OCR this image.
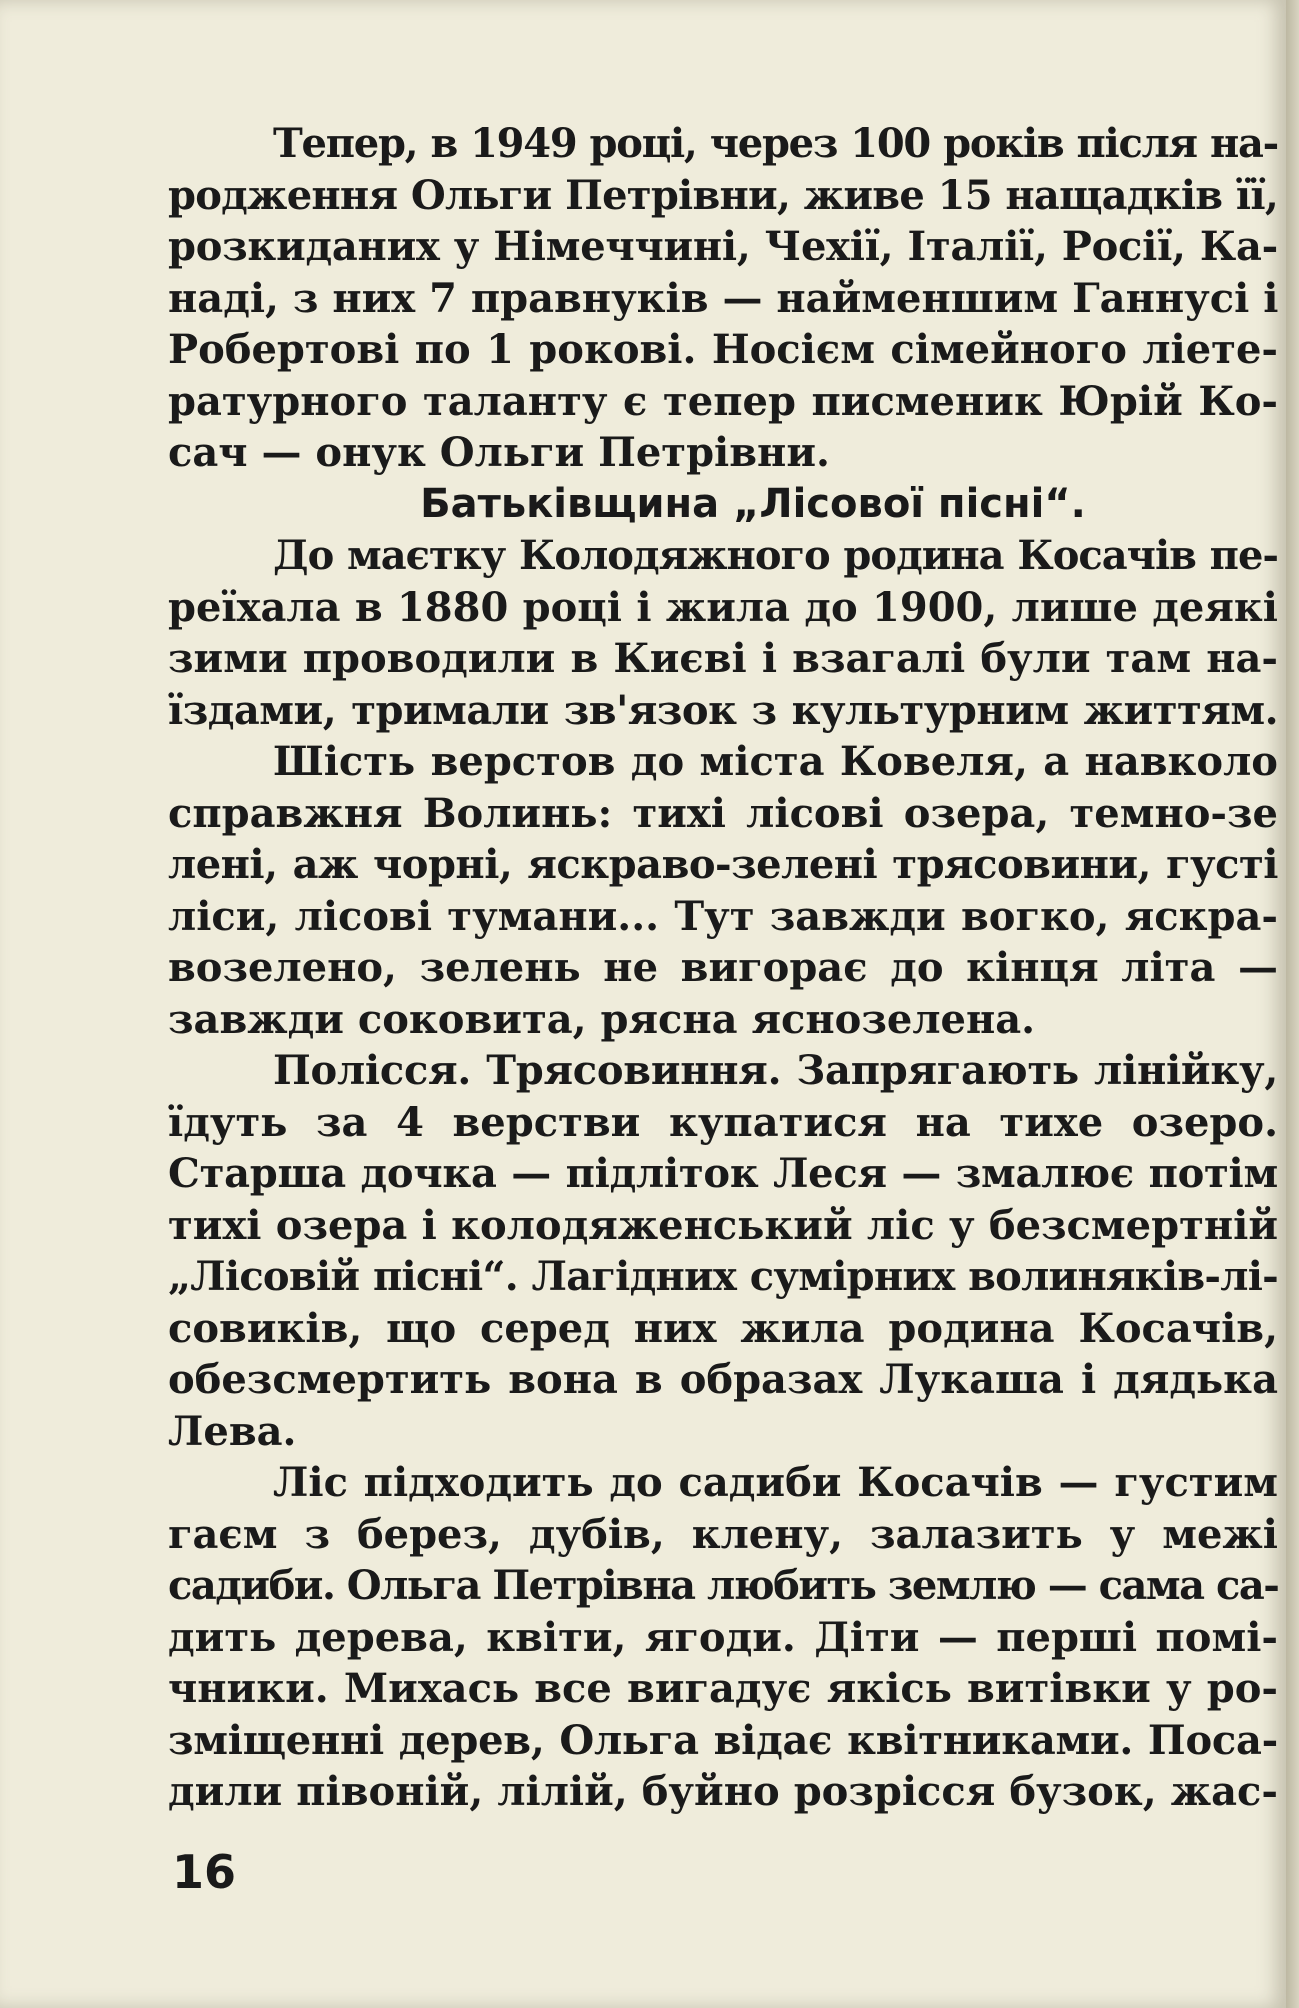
Тепер, в 1949 році, через 100 років після на-
родження Ольги Петрівни, живе 15 нащадків її,
розкиданих у Німеччині, Чехії, Італії, Росії, Ка-
наді, з них 7 правнуків — найменшим Ганнусі і
Робертові по 1 рокові. Носієм сімейного ліете-
ратурного таланту є тепер писменик Юрій Ко-
сач — онук Ольги Петрівни.
Батьківщина „Лісової пісні“.
До маєтку Колодяжного родина Косачів пе-
реїхала в 1880 році і жила до 1900, лише деякі
зими проводили в Києві і взагалі були там на-
їздами, тримали зв'язок з культурним життям.
Шість верстов до міста Ковеля, а навколо
справжня Волинь: тихі лісові озера, темно-зе
лені, аж чорні, яскраво-зелені трясовини, густі
ліси, лісові тумани... Тут завжди вогко, яскра-
возелено, зелень не вигорає до кінця літа —
завжди соковита, рясна яснозелена.
Полісся. Трясовиння. Запрягають лінійку,
їдуть за 4 верстви купатися на тихе озеро.
Старша дочка — підліток Леся — змалює потім
тихі озера і колодяженський ліс у безсмертній
„Лісовій пісні“. Лагідних сумірних волиняків-лі-
совиків, що серед них жила родина Косачів,
обезсмертить вона в образах Лукаша і дядька
Лева.
Ліс підходить до садиби Косачів — густим
гаєм з берез, дубів, клену, залазить у межі
садиби. Ольга Петрівна любить землю — сама са-
дить дерева, квіти, ягоди. Діти — перші помі-
чники. Михась все вигадує якісь витівки у ро-
зміщенні дерев, Ольга відає квітниками. Поса-
дили півоній, лілій, буйно розрісся бузок, жас-
16
